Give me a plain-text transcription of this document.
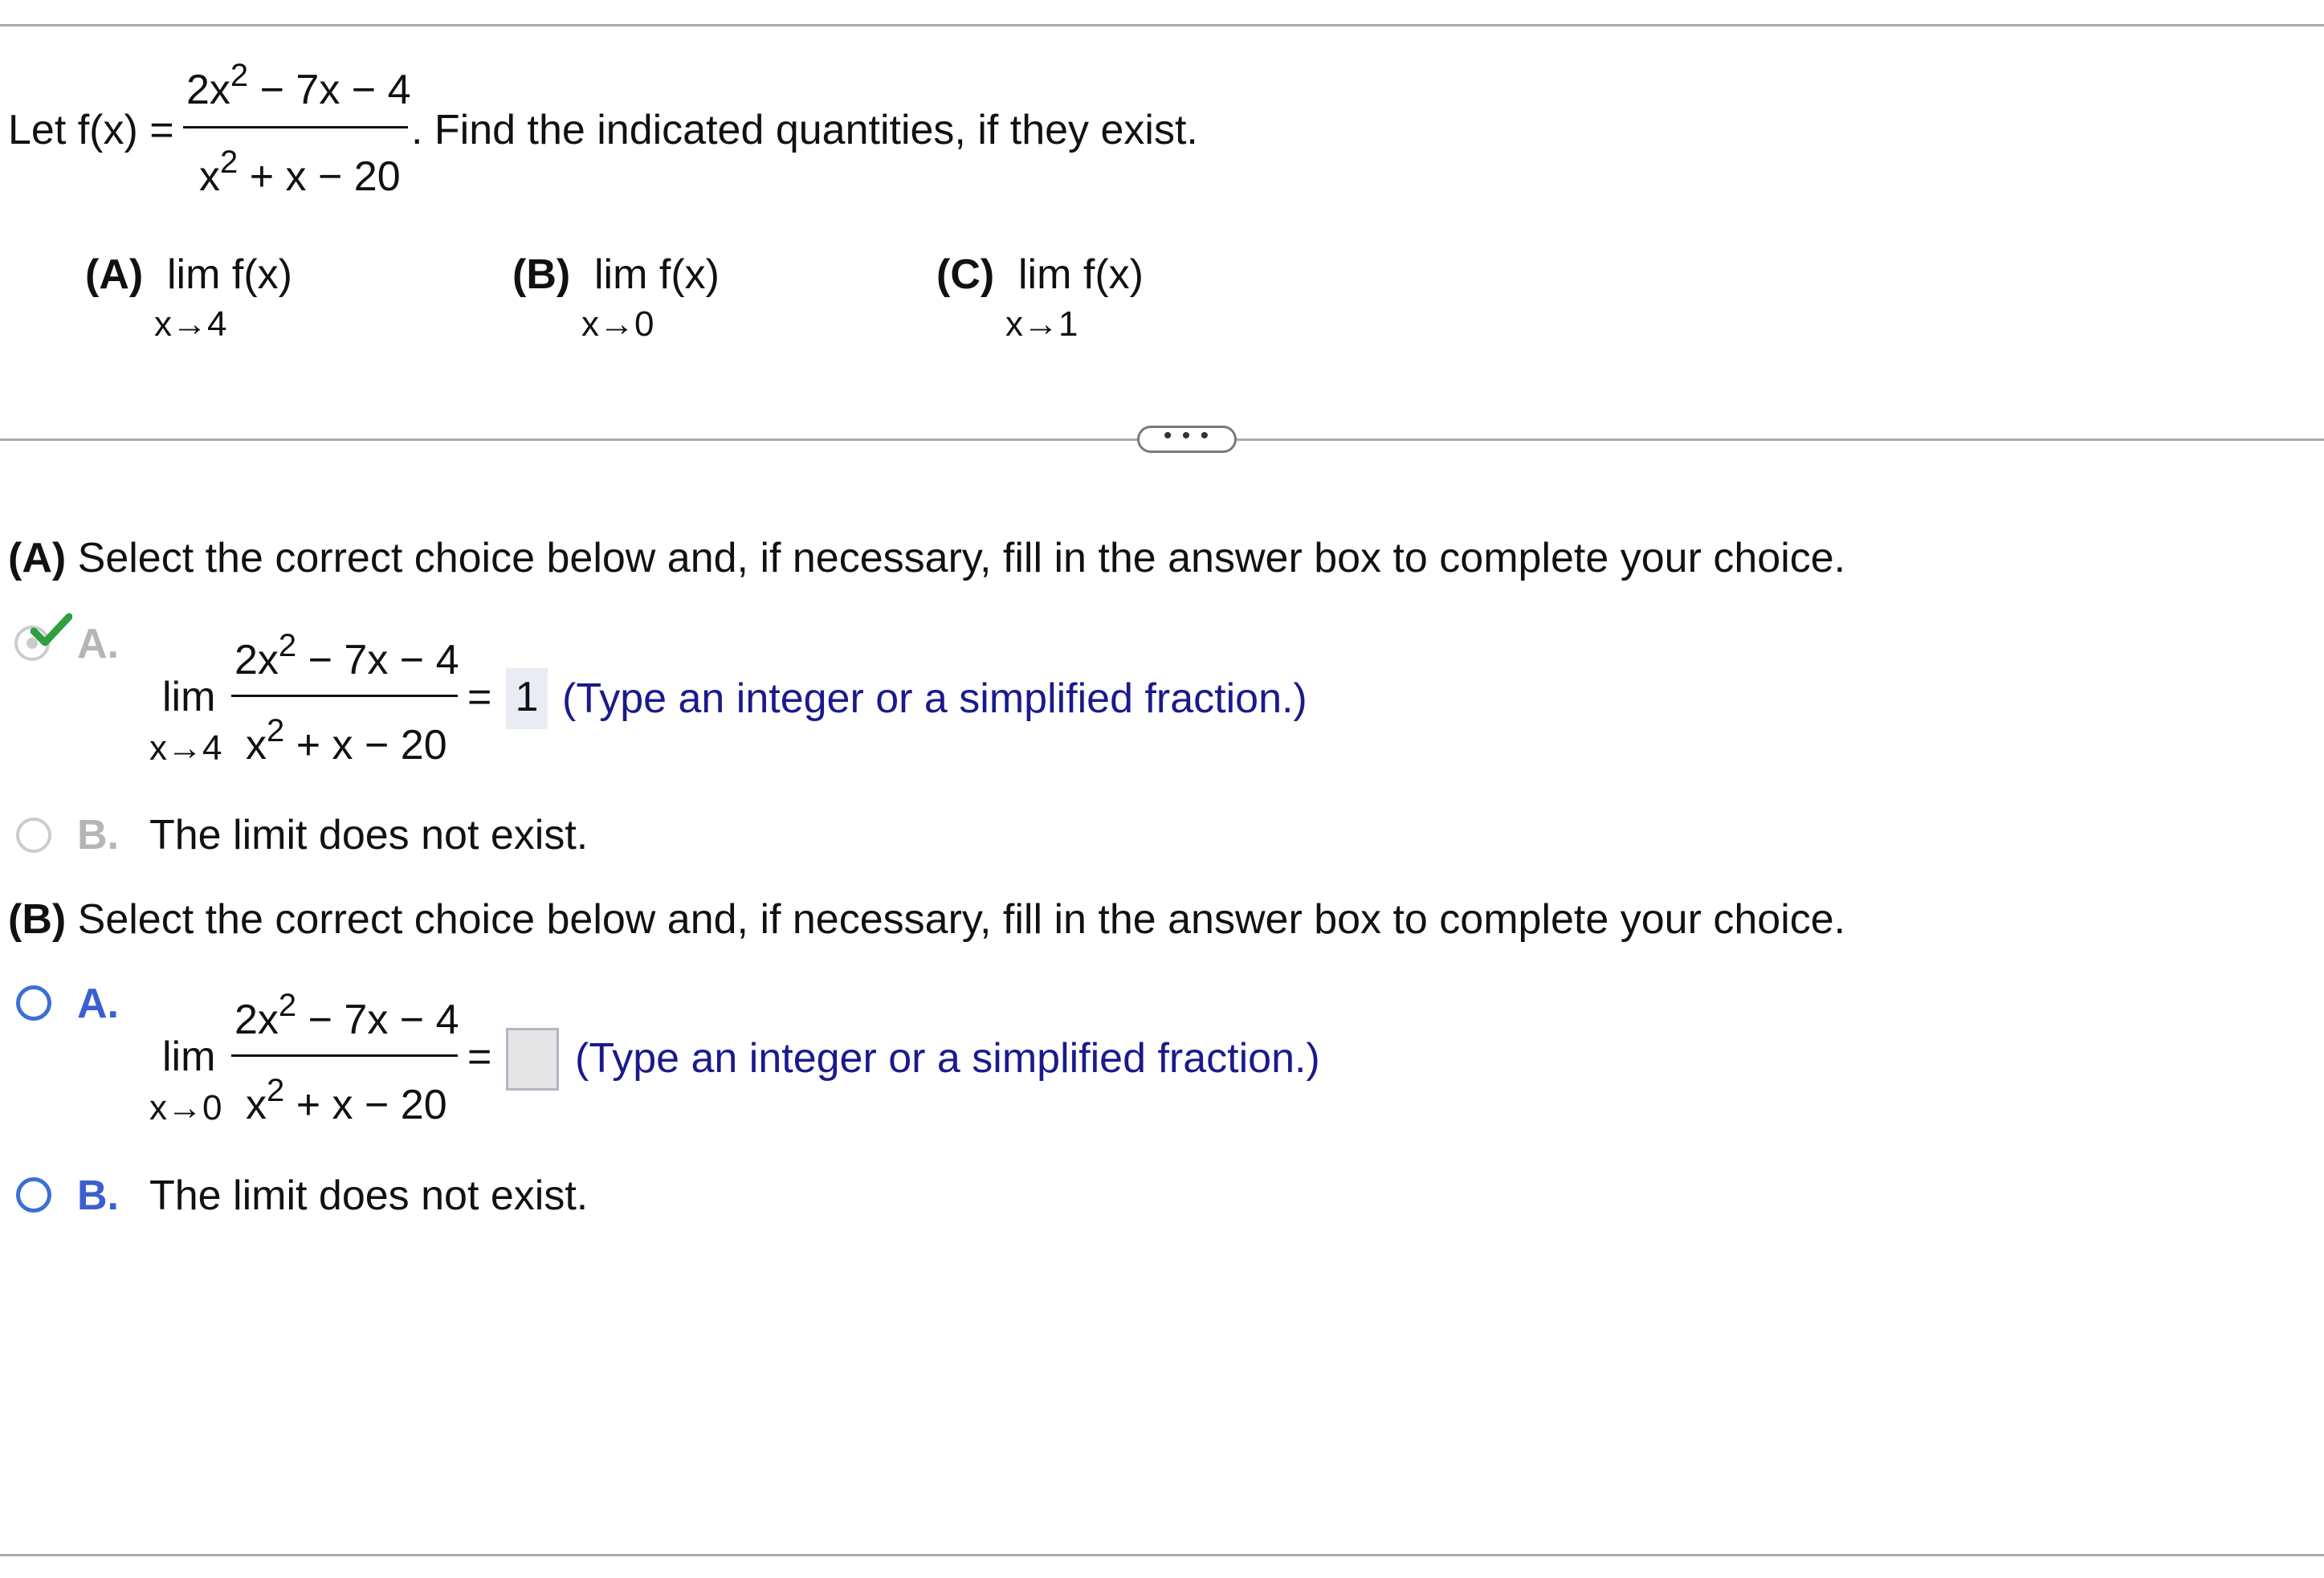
Let f(x) =
$2x^2 - 7x - 4$
$x^2 + x - 20$
. Find the indicated quantities, if they exist.
(A) lim f(x)
x→4
(B) lim f(x)
x→0
(C) lim f(x)
x→1
• • •
(A) Select the correct choice below and, if necessary, fill in the answer box to complete your choice.
A.
lim
x→4
$2x^2 - 7x - 4$
$x^2 + x - 20$
= 1 (Type an integer or a simplified fraction.)
B. The limit does not exist.
(B) Select the correct choice below and, if necessary, fill in the answer box to complete your choice.
A.
lim
x→0
$2x^2 - 7x - 4$
$x^2 + x - 20$
= (Type an integer or a simplified fraction.)
B. The limit does not exist.
